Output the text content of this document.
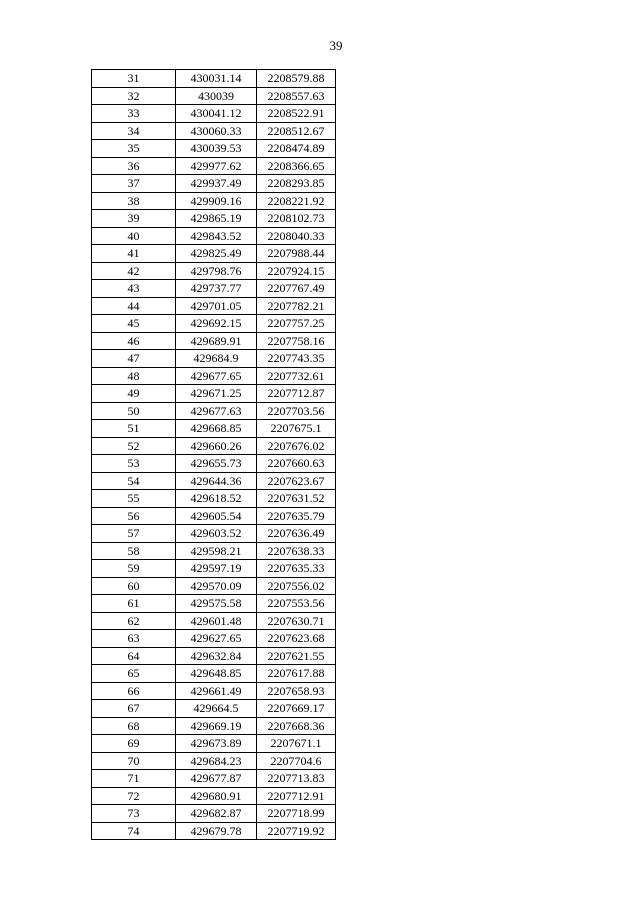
39
31	430031.14	2208579.88
32	430039	2208557.63
33	430041.12	2208522.91
34	430060.33	2208512.67
35	430039.53	2208474.89
36	429977.62	2208366.65
37	429937.49	2208293.85
38	429909.16	2208221.92
39	429865.19	2208102.73
40	429843.52	2208040.33
41	429825.49	2207988.44
42	429798.76	2207924.15
43	429737.77	2207767.49
44	429701.05	2207782.21
45	429692.15	2207757.25
46	429689.91	2207758.16
47	429684.9	2207743.35
48	429677.65	2207732.61
49	429671.25	2207712.87
50	429677.63	2207703.56
51	429668.85	2207675.1
52	429660.26	2207676.02
53	429655.73	2207660.63
54	429644.36	2207623.67
55	429618.52	2207631.52
56	429605.54	2207635.79
57	429603.52	2207636.49
58	429598.21	2207638.33
59	429597.19	2207635.33
60	429570.09	2207556.02
61	429575.58	2207553.56
62	429601.48	2207630.71
63	429627.65	2207623.68
64	429632.84	2207621.55
65	429648.85	2207617.88
66	429661.49	2207658.93
67	429664.5	2207669.17
68	429669.19	2207668.36
69	429673.89	2207671.1
70	429684.23	2207704.6
71	429677.87	2207713.83
72	429680.91	2207712.91
73	429682.87	2207718.99
74	429679.78	2207719.92
